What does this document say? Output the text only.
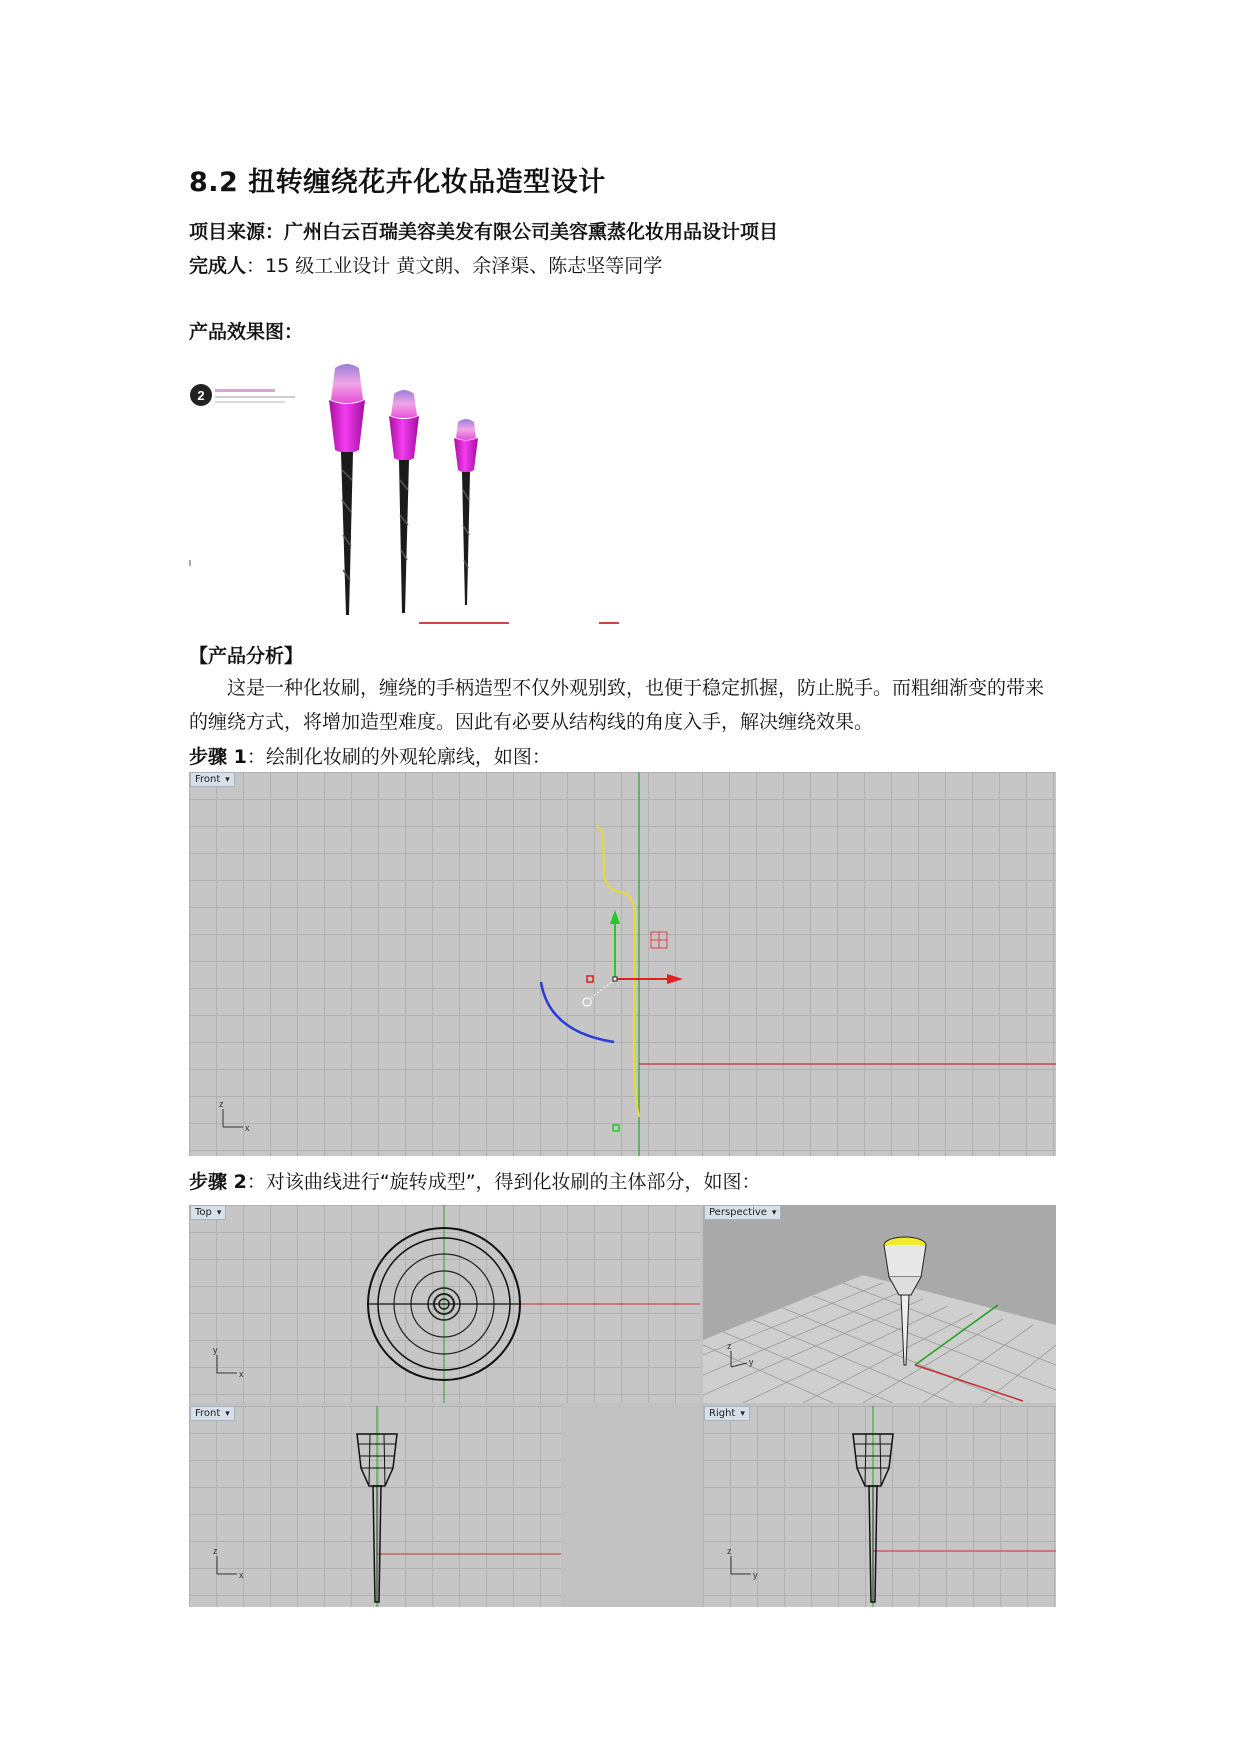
8.2 扭转缠绕花卉化妆品造型设计
项目来源：广州白云百瑞美容美发有限公司美容熏蒸化妆用品设计项目
完成人：15 级工业设计 黄文朗、余泽渠、陈志坚等同学
产品效果图：
2
【产品分析】
这是一种化妆刷，缠绕的手柄造型不仅外观别致，也便于稳定抓握，防止脱手。而粗细渐变的带来的缠绕方式，将增加造型难度。因此有必要从结构线的角度入手，解决缠绕效果。
步骤 1：绘制化妆刷的外观轮廓线，如图：
Front ▾
z
x
步骤 2：对该曲线进行“旋转成型”，得到化妆刷的主体部分，如图：
Top ▾
y
x
Perspective ▾
z
y
Front ▾
z
x
Right ▾
z
y
